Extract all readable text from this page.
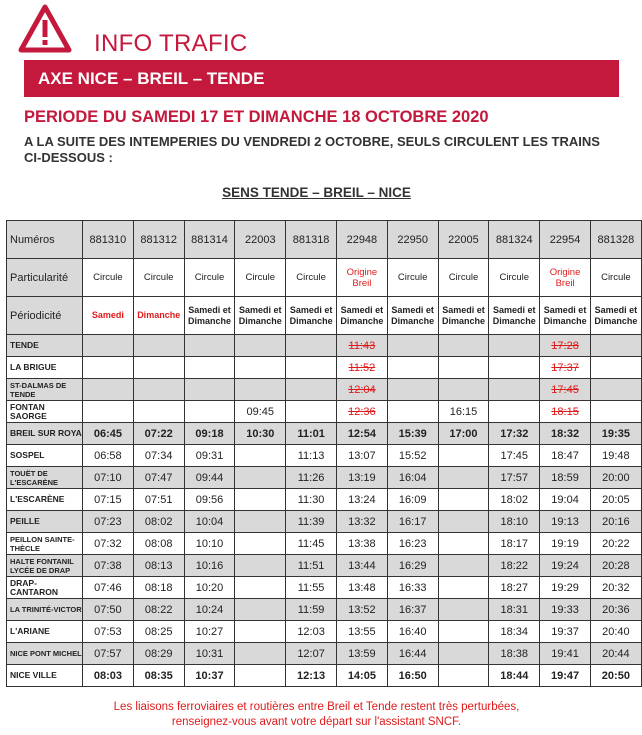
INFO TRAFIC
AXE NICE – BREIL – TENDE
PERIODE DU SAMEDI 17 ET DIMANCHE 18 OCTOBRE 2020
A LA SUITE DES INTEMPERIES DU VENDREDI 2 OCTOBRE, SEULS CIRCULENT LES TRAINS CI-DESSOUS :
SENS TENDE – BREIL – NICE
Numéros	881310	881312	881314	22003	881318	22948	22950	22005	881324	22954	881328
Particularité	Circule	Circule	Circule	Circule	Circule	Origine Breil	Circule	Circule	Circule	Origine Breil	Circule
Périodicité	Samedi	Dimanche	Samedi et Dimanche	Samedi et Dimanche	Samedi et Dimanche	Samedi et Dimanche	Samedi et Dimanche	Samedi et Dimanche	Samedi et Dimanche	Samedi et Dimanche	Samedi et Dimanche
TENDE						11:43				17:28	
LA BRIGUE						11:52				17:37	
ST-DALMAS DE TENDE						12:04				17:45	
FONTAN SAORGE				09:45		12:36		16:15		18:15	
BREIL SUR ROYA	06:45	07:22	09:18	10:30	11:01	12:54	15:39	17:00	17:32	18:32	19:35
SOSPEL	06:58	07:34	09:31		11:13	13:07	15:52		17:45	18:47	19:48
TOUËT DE L'ESCARÈNE	07:10	07:47	09:44		11:26	13:19	16:04		17:57	18:59	20:00
L'ESCARÈNE	07:15	07:51	09:56		11:30	13:24	16:09		18:02	19:04	20:05
PEILLE	07:23	08:02	10:04		11:39	13:32	16:17		18:10	19:13	20:16
PEILLON SAINTE-THÈCLE	07:32	08:08	10:10		11:45	13:38	16:23		18:17	19:19	20:22
HALTE FONTANIL LYCÉE DE DRAP	07:38	08:13	10:16		11:51	13:44	16:29		18:22	19:24	20:28
DRAP-CANTARON	07:46	08:18	10:20		11:55	13:48	16:33		18:27	19:29	20:32
LA TRINITÉ-VICTOR	07:50	08:22	10:24		11:59	13:52	16:37		18:31	19:33	20:36
L'ARIANE	07:53	08:25	10:27		12:03	13:55	16:40		18:34	19:37	20:40
NICE PONT MICHEL	07:57	08:29	10:31		12:07	13:59	16:44		18:38	19:41	20:44
NICE VILLE	08:03	08:35	10:37		12:13	14:05	16:50		18:44	19:47	20:50
Les liaisons ferroviaires et routières entre Breil et Tende restent très perturbées,
renseignez-vous avant votre départ sur l'assistant SNCF.
